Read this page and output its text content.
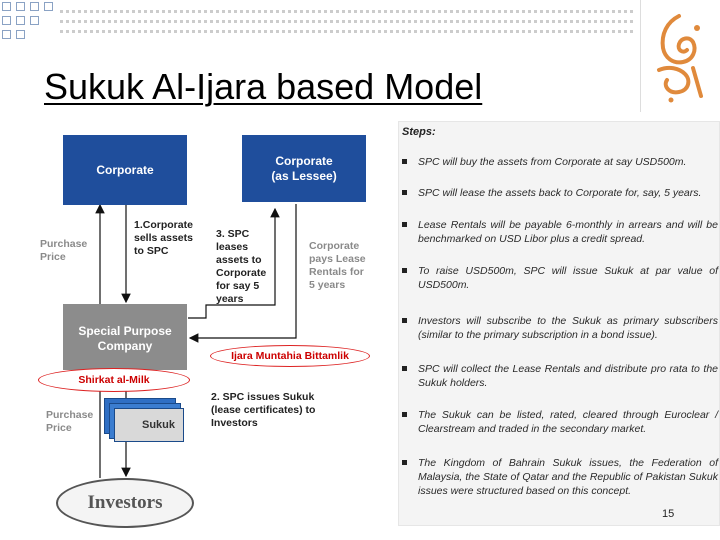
Sukuk Al-Ijara based Model
Corporate
Corporate
(as Lessee)
Purchase
Price
1.Corporate
sells assets
to SPC
3. SPC
leases
assets to
Corporate
for say 5
years
Corporate
pays Lease
Rentals for
5 years
Special Purpose
Company
Ijara Muntahia Bittamlik
Shirkat al-Milk
2. SPC issues Sukuk
(lease certificates) to
Investors
Purchase
Price	Sukuk
Investors
Steps:
SPC will buy the assets from Corporate at say USD500m.
SPC will lease the assets back to Corporate for, say, 5 years.
Lease Rentals will be payable 6-monthly in arrears and will be benchmarked on USD Libor plus a credit spread.
To raise USD500m, SPC will issue Sukuk at par value of USD500m.
Investors will subscribe to the Sukuk as primary subscribers (similar to the primary subscription in a bond issue).
SPC will collect the Lease Rentals and distribute pro rata to the Sukuk holders.
The Sukuk can be listed, rated, cleared through Euroclear / Clearstream and traded in the secondary market.
The Kingdom of Bahrain Sukuk issues, the Federation of Malaysia, the State of Qatar and the Republic of Pakistan Sukuk issues were structured based on this concept.
15
